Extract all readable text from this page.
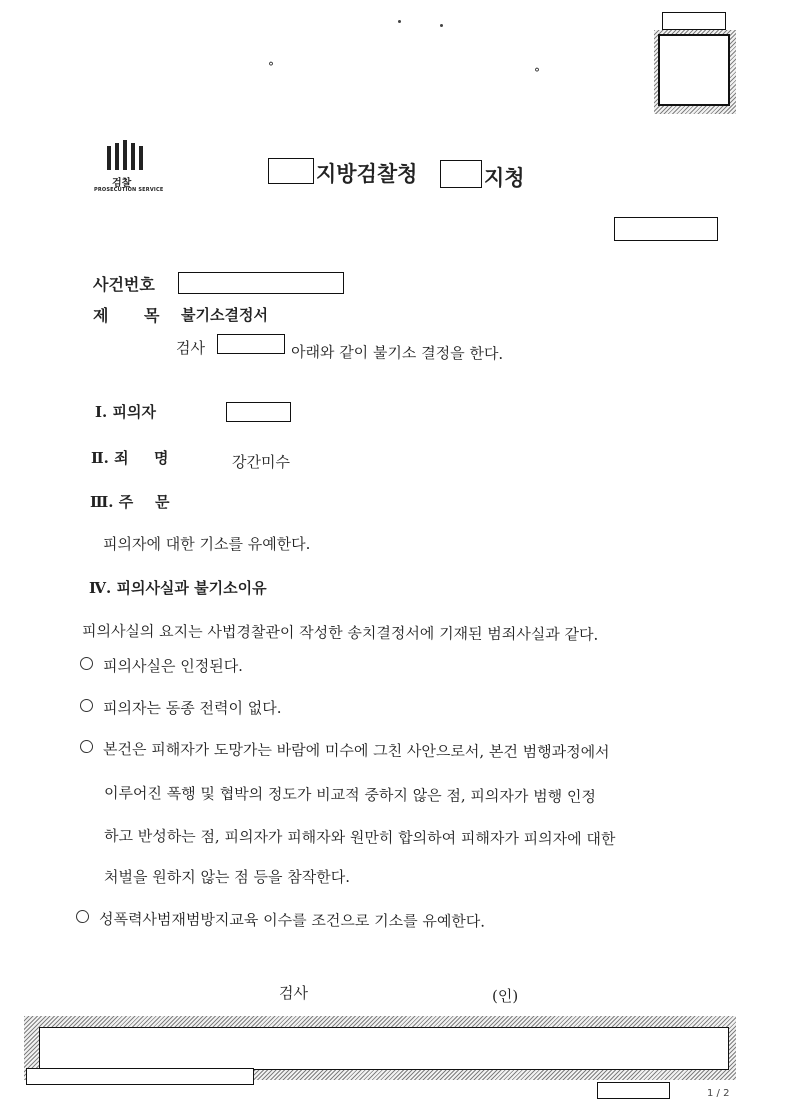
°	°
검찰
PROSECUTION SERVICE
지방검찰청	지청
사건번호
제 목 불기소결정서
검사	아래와 같이 불기소 결정을 한다.
Ⅰ. 피의자
Ⅱ. 죄 명	강간미수
Ⅲ. 주 문
피의자에 대한 기소를 유예한다.
Ⅳ. 피의사실과 불기소이유
피의사실의 요지는 사법경찰관이 작성한 송치결정서에 기재된 범죄사실과 같다.
피의사실은 인정된다.
피의자는 동종 전력이 없다.
본건은 피해자가 도망가는 바람에 미수에 그친 사안으로서, 본건 범행과정에서
이루어진 폭행 및 협박의 정도가 비교적 중하지 않은 점, 피의자가 범행 인정
하고 반성하는 점, 피의자가 피해자와 원만히 합의하여 피해자가 피의자에 대한
처벌을 원하지 않는 점 등을 참작한다.
성폭력사범재범방지교육 이수를 조건으로 기소를 유예한다.
검사	(인)
1 / 2
